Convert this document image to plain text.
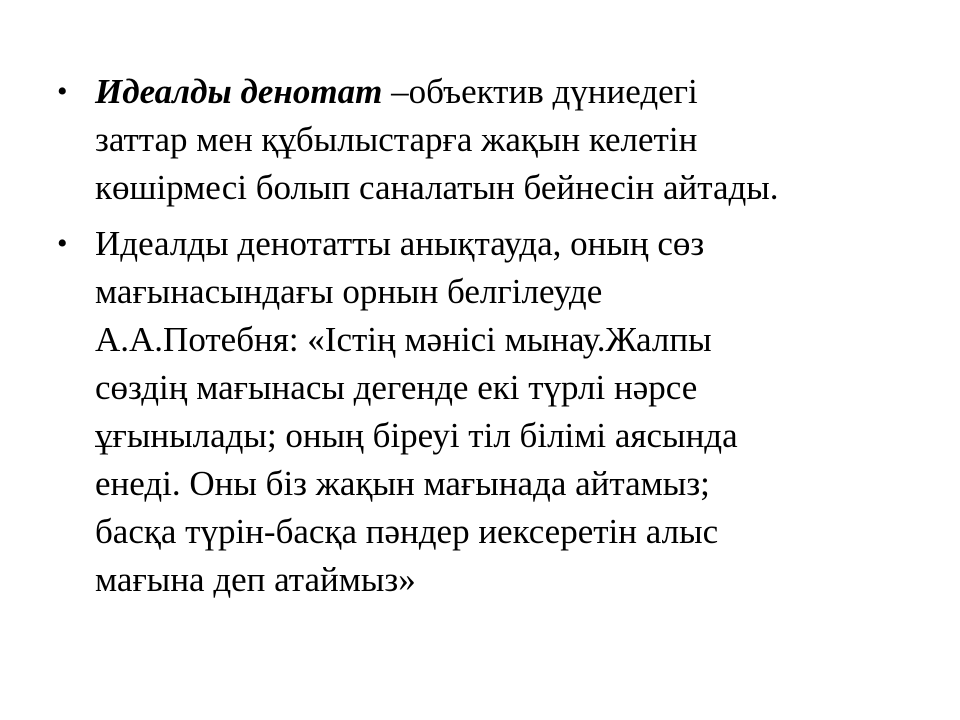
• Идеалды денотат –объектив дүниедегі
заттар мен құбылыстарға жақын келетін
көшірмесі болып саналатын бейнесін айтады.
• Идеалды денотатты анықтауда, оның сөз
мағынасындағы орнын белгілеуде
А.А.Потебня: «Істің мәнісі мынау.Жалпы
сөздің мағынасы дегенде екі түрлі нәрсе
ұғынылады; оның біреуі тіл білімі аясында
енеді. Оны біз жақын мағынада айтамыз;
басқа түрін-басқа пәндер иексеретін алыс
мағына деп атаймыз»
